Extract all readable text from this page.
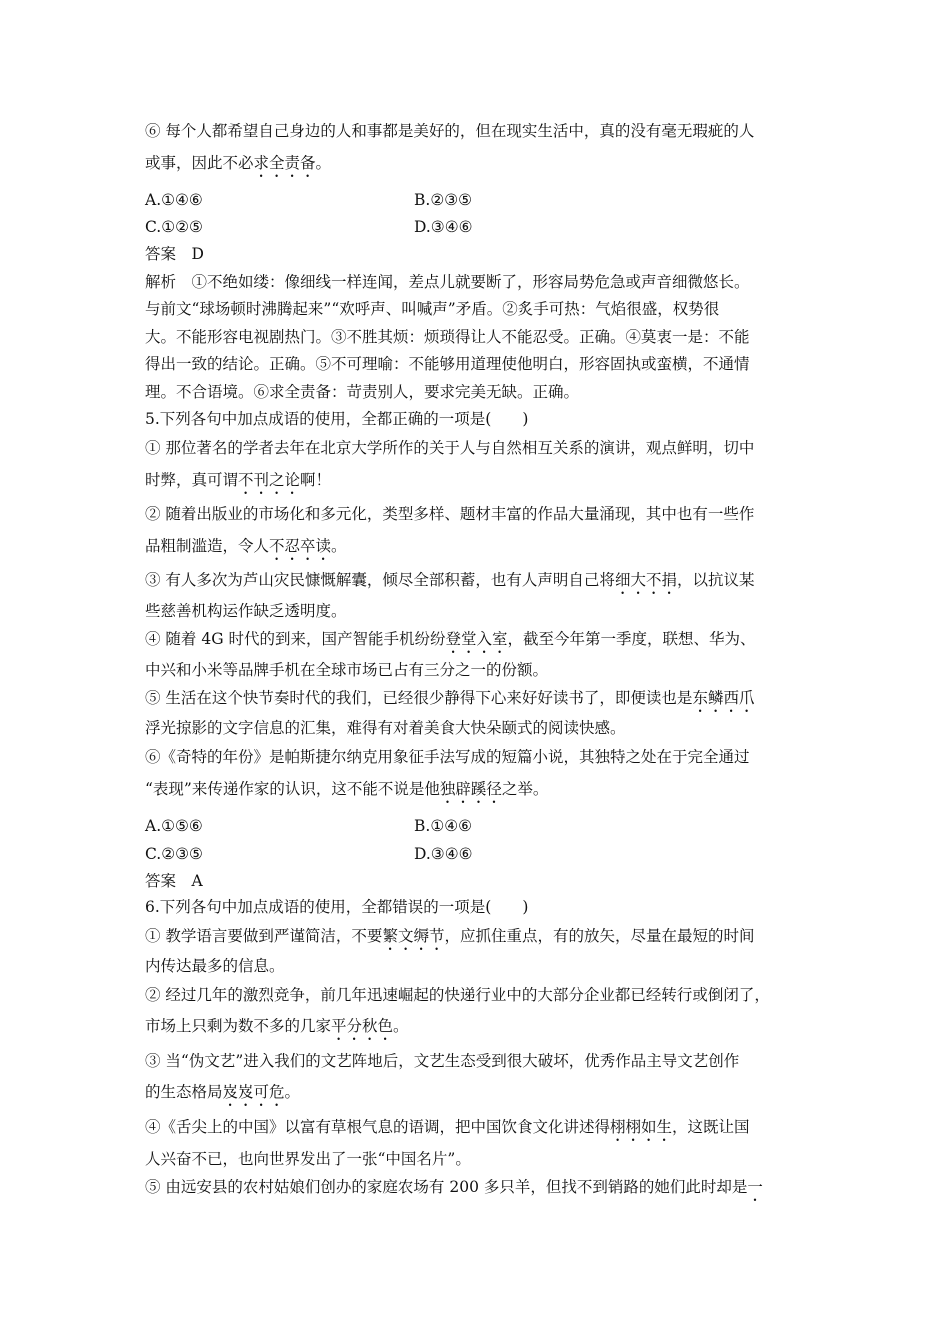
⑥ 每个人都希望自己身边的人和事都是美好的，但在现实生活中，真的没有毫无瑕疵的人
或事，因此不必求全责备。
A.①④⑥	B.②③⑤
C.①②⑤	D.③④⑥
答案　D
解析　①不绝如缕：像细线一样连闻，差点儿就要断了，形容局势危急或声音细微悠长。
与前文“球场顿时沸腾起来”“欢呼声、叫喊声”矛盾。②炙手可热：气焰很盛，权势很
大。不能形容电视剧热门。③不胜其烦：烦琐得让人不能忍受。正确。④莫衷一是：不能
得出一致的结论。正确。⑤不可理喻：不能够用道理使他明白，形容固执或蛮横，不通情
理。不合语境。⑥求全责备：苛责别人，要求完美无缺。正确。
5.下列各句中加点成语的使用，全都正确的一项是(　　)
① 那位著名的学者去年在北京大学所作的关于人与自然相互关系的演讲，观点鲜明，切中
时弊，真可谓不刊之论啊！
② 随着出版业的市场化和多元化，类型多样、题材丰富的作品大量涌现，其中也有一些作
品粗制滥造，令人不忍卒读。
③ 有人多次为芦山灾民慷慨解囊，倾尽全部积蓄，也有人声明自己将细大不捐，以抗议某
些慈善机构运作缺乏透明度。
④ 随着 4G 时代的到来，国产智能手机纷纷登堂入室，截至今年第一季度，联想、华为、
中兴和小米等品牌手机在全球市场已占有三分之一的份额。
⑤ 生活在这个快节奏时代的我们，已经很少静得下心来好好读书了，即便读也是东鳞西爪
浮光掠影的文字信息的汇集，难得有对着美食大快朵颐式的阅读快感。
⑥《奇特的年份》是帕斯捷尔纳克用象征手法写成的短篇小说，其独特之处在于完全通过
“表现”来传递作家的认识，这不能不说是他独辟蹊径之举。
A.①⑤⑥	B.①④⑥
C.②③⑤	D.③④⑥
答案　A
6.下列各句中加点成语的使用，全都错误的一项是(　　)
① 教学语言要做到严谨简洁，不要繁文缛节，应抓住重点，有的放矢，尽量在最短的时间
内传达最多的信息。
② 经过几年的激烈竞争，前几年迅速崛起的快递行业中的大部分企业都已经转行或倒闭了，
市场上只剩为数不多的几家平分秋色。
③ 当“伪文艺”进入我们的文艺阵地后，文艺生态受到很大破坏，优秀作品主导文艺创作
的生态格局岌岌可危。
④《舌尖上的中国》以富有草根气息的语调，把中国饮食文化讲述得栩栩如生，这既让国
人兴奋不已，也向世界发出了一张“中国名片”。
⑤ 由远安县的农村姑娘们创办的家庭农场有 200 多只羊，但找不到销路的她们此时却是一
